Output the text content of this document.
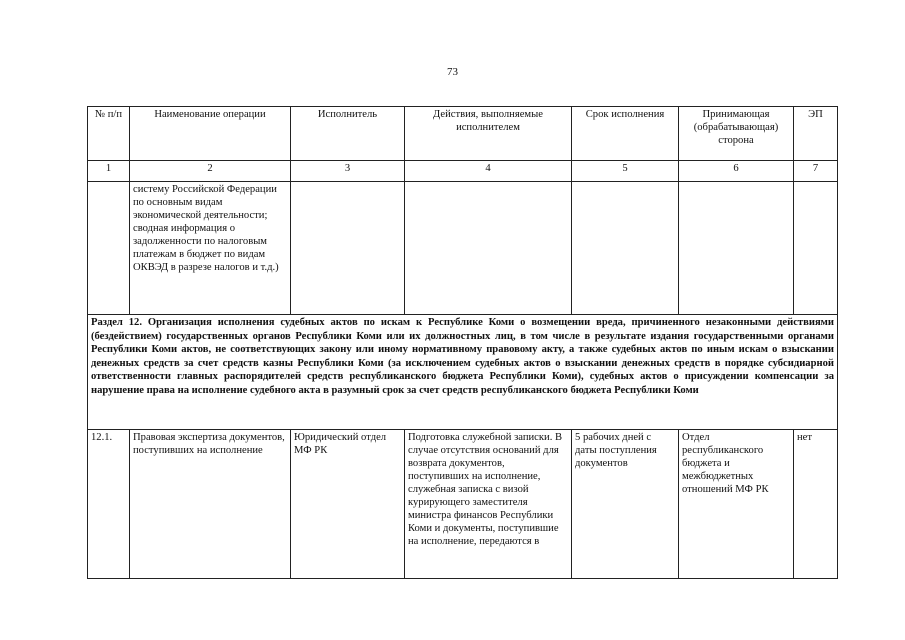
73
№ п/п	Наименование операции	Исполнитель	Действия, выполняемые исполнителем	Срок исполнения	Принимающая (обрабатывающая) сторона	ЭП
1	2	3	4	5	6	7
	систему Российской Федерации по основным видам экономической деятельности; сводная информация о задолженности по налоговым платежам в бюджет по видам ОКВЭД в разрезе налогов и т.д.)					
Раздел 12. Организация исполнения судебных актов по искам к Республике Коми о возмещении вреда, причиненного незаконными действиями (бездействием) государственных органов Республики Коми или их должностных лиц, в том числе в результате издания государственными органами Республики Коми актов, не соответствующих закону или иному нормативному правовому акту, а также судебных актов по иным искам о взыскании денежных средств за счет средств казны Республики Коми (за исключением судебных актов о взыскании денежных средств в порядке субсидиарной ответственности главных распорядителей средств республиканского бюджета Республики Коми), судебных актов о присуждении компенсации за нарушение права на исполнение судебного акта в разумный срок за счет средств республиканского бюджета Республики Коми						
12.1.	Правовая экспертиза документов, поступивших на исполнение	Юридический отдел МФ РК	Подготовка служебной записки. В случае отсутствия оснований для возврата документов, поступивших на исполнение, служебная записка с визой курирующего заместителя министра финансов Республики Коми и документы, поступившие на исполнение, передаются в	5 рабочих дней с даты поступления документов	Отдел республиканского бюджета и межбюджетных отношений МФ РК	нет
